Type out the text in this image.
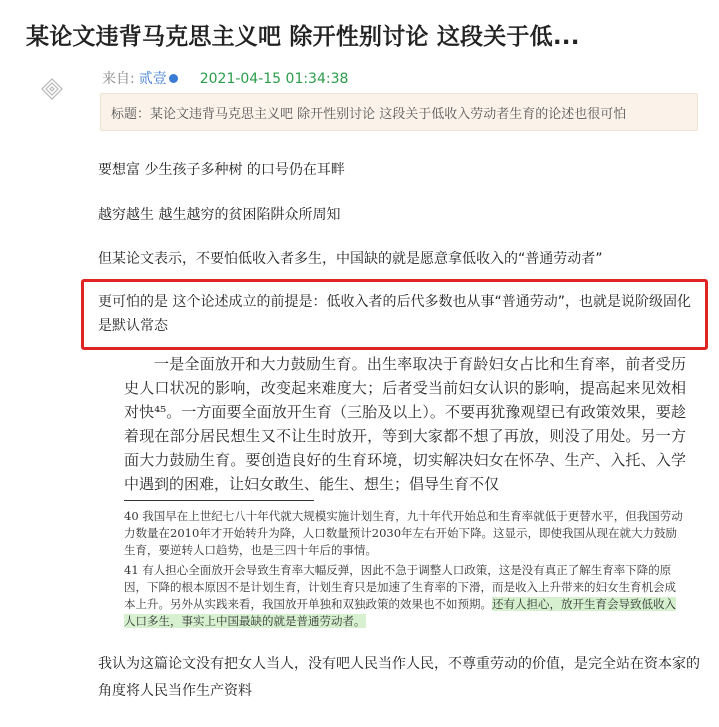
某论文违背马克思主义吧 除开性别讨论 这段关于低...
来自: 贰壹 2021-04-15 01:34:38
标题：某论文违背马克思主义吧 除开性别讨论 这段关于低收入劳动者生育的论述也很可怕
要想富 少生孩子多种树 的口号仍在耳畔
越穷越生 越生越穷的贫困陷阱众所周知
但某论文表示，不要怕低收入者多生，中国缺的就是愿意拿低收入的“普通劳动者”
更可怕的是 这个论述成立的前提是：低收入者的后代多数也从事“普通劳动”，也就是说阶级固化是默认常态
一是全面放开和大力鼓励生育。出生率取决于育龄妇女占比和生育率，前者受历史人口状况的影响，改变起来难度大；后者受当前妇女认识的影响，提高起来见效相对快⁴⁵。一方面要全面放开生育（三胎及以上）。不要再犹豫观望已有政策效果，要趁着现在部分居民想生又不让生时放开，等到大家都不想了再放，则没了用处。另一方面大力鼓励生育。要创造良好的生育环境，切实解决妇女在怀孕、生产、入托、入学中遇到的困难，让妇女敢生、能生、想生；倡导生育不仅
40 我国早在上世纪七八十年代就大规模实施计划生育，九十年代开始总和生育率就低于更替水平，但我国劳动力数量在2010年才开始转升为降，人口数量预计2030年左右开始下降。这显示，即使我国从现在就大力鼓励生育，要逆转人口趋势，也是三四十年后的事情。
41 有人担心全面放开会导致生育率大幅反弹，因此不急于调整人口政策，这是没有真正了解生育率下降的原因，下降的根本原因不是计划生育，计划生育只是加速了生育率的下滑，而是收入上升带来的妇女生育机会成本上升。另外从实践来看，我国放开单独和双独政策的效果也不如预期。还有人担心，放开生育会导致低收入人口多生，事实上中国最缺的就是普通劳动者。
我认为这篇论文没有把女人当人，没有吧人民当作人民，不尊重劳动的价值，是完全站在资本家的角度将人民当作生产资料
